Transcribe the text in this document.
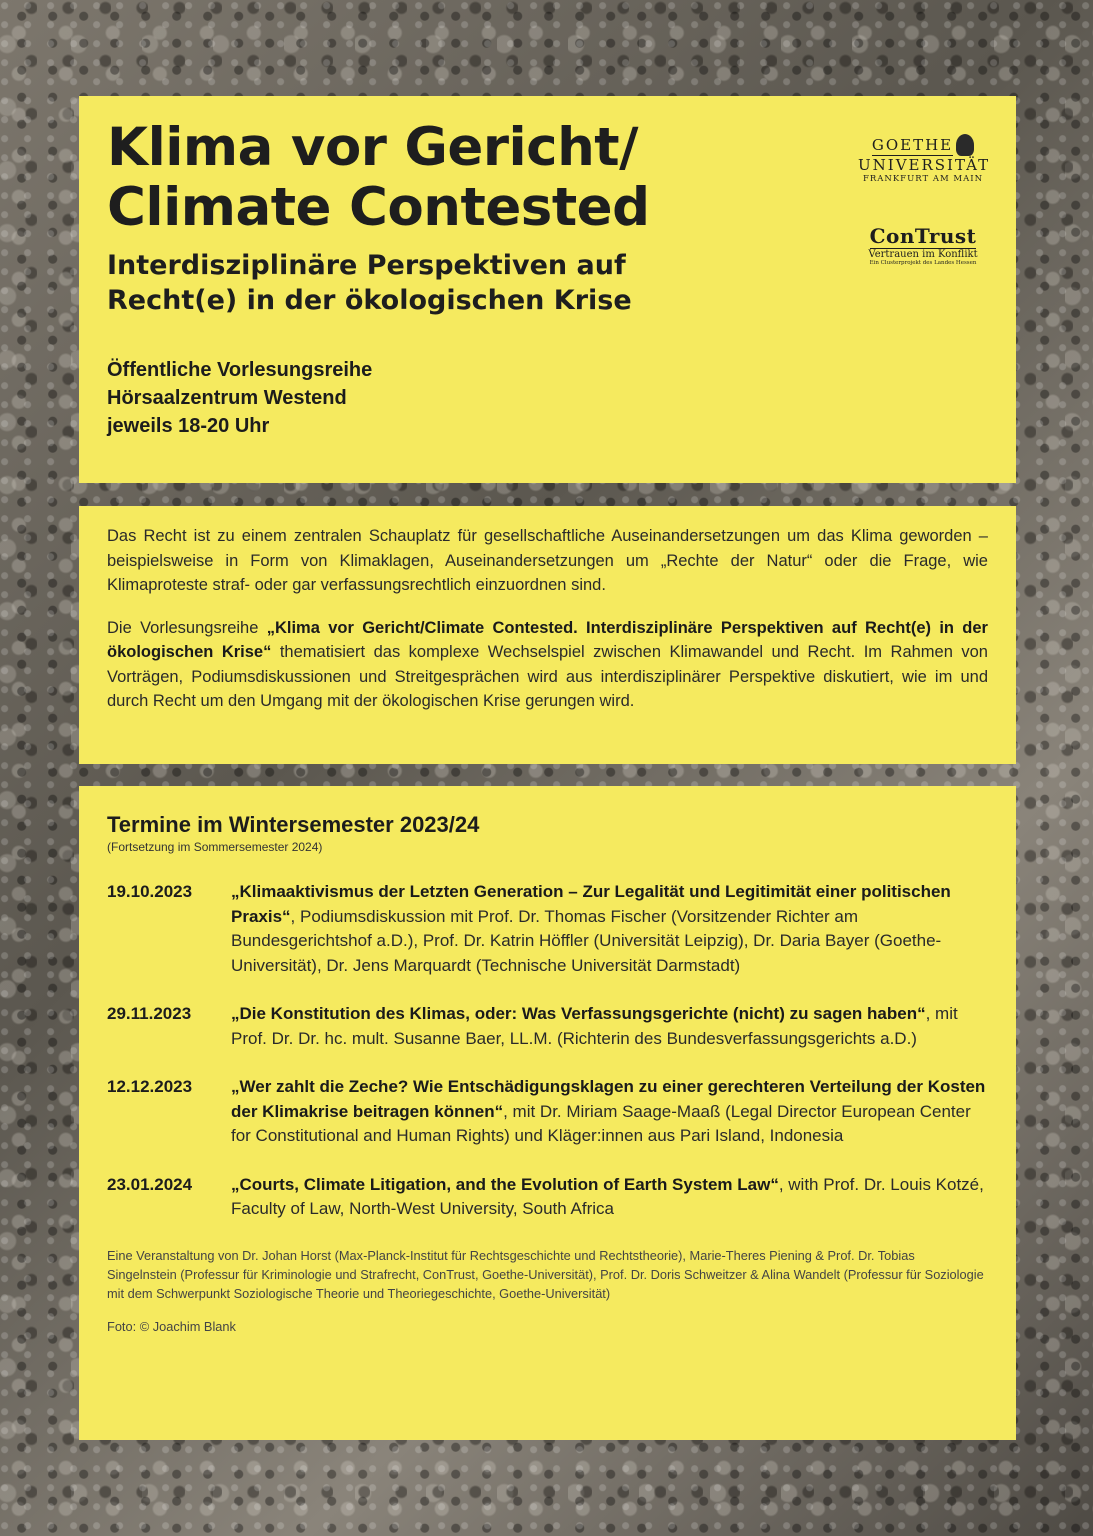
Klima vor Gericht/
Climate Contested
Interdisziplinäre Perspektiven auf
Recht(e) in der ökologischen Krise
Öffentliche Vorlesungsreihe
Hörsaalzentrum Westend
jeweils 18-20 Uhr
GOETHE
UNIVERSITÄT
FRANKFURT AM MAIN
ConTrust
Vertrauen im Konflikt
Ein Clusterprojekt des Landes Hessen

Das Recht ist zu einem zentralen Schauplatz für gesellschaftliche Auseinandersetzungen um das Klima geworden – beispielsweise in Form von Klimaklagen, Auseinandersetzungen um „Rechte der Natur“ oder die Frage, wie Klimaproteste straf- oder gar verfassungsrechtlich einzuordnen sind.

Die Vorlesungsreihe „Klima vor Gericht/Climate Contested. Interdisziplinäre Perspektiven auf Recht(e) in der ökologischen Krise“ thematisiert das komplexe Wechselspiel zwischen Klimawandel und Recht. Im Rahmen von Vorträgen, Podiumsdiskussionen und Streitgesprächen wird aus interdisziplinärer Perspektive diskutiert, wie im und durch Recht um den Umgang mit der ökologischen Krise gerungen wird.

Termine im Wintersemester 2023/24
(Fortsetzung im Sommersemester 2024)
19.10.2023	„Klimaaktivismus der Letzten Generation – Zur Legalität und Legitimität einer politischen Praxis“, Podiumsdiskussion mit Prof. Dr. Thomas Fischer (Vorsitzender Richter am Bundesgerichtshof a.D.), Prof. Dr. Katrin Höffler (Universität Leipzig), Dr. Daria Bayer (Goethe-Universität), Dr. Jens Marquardt (Technische Universität Darmstadt)
29.11.2023	„Die Konstitution des Klimas, oder: Was Verfassungsgerichte (nicht) zu sagen haben“, mit Prof. Dr. Dr. hc. mult. Susanne Baer, LL.M. (Richterin des Bundesverfassungsgerichts a.D.)
12.12.2023	„Wer zahlt die Zeche? Wie Entschädigungsklagen zu einer gerechteren Verteilung der Kosten der Klimakrise beitragen können“, mit Dr. Miriam Saage-Maaß (Legal Director European Center for Constitutional and Human Rights) und Kläger:innen aus Pari Island, Indonesia
23.01.2024	„Courts, Climate Litigation, and the Evolution of Earth System Law“, with Prof. Dr. Louis Kotzé, Faculty of Law, North-West University, South Africa
Eine Veranstaltung von Dr. Johan Horst (Max-Planck-Institut für Rechtsgeschichte und Rechtstheorie), Marie-Theres Piening & Prof. Dr. Tobias Singelnstein (Professur für Kriminologie und Strafrecht, ConTrust, Goethe-Universität), Prof. Dr. Doris Schweitzer & Alina Wandelt (Professur für Soziologie mit dem Schwerpunkt Soziologische Theorie und Theoriegeschichte, Goethe-Universität)
Foto: © Joachim Blank
